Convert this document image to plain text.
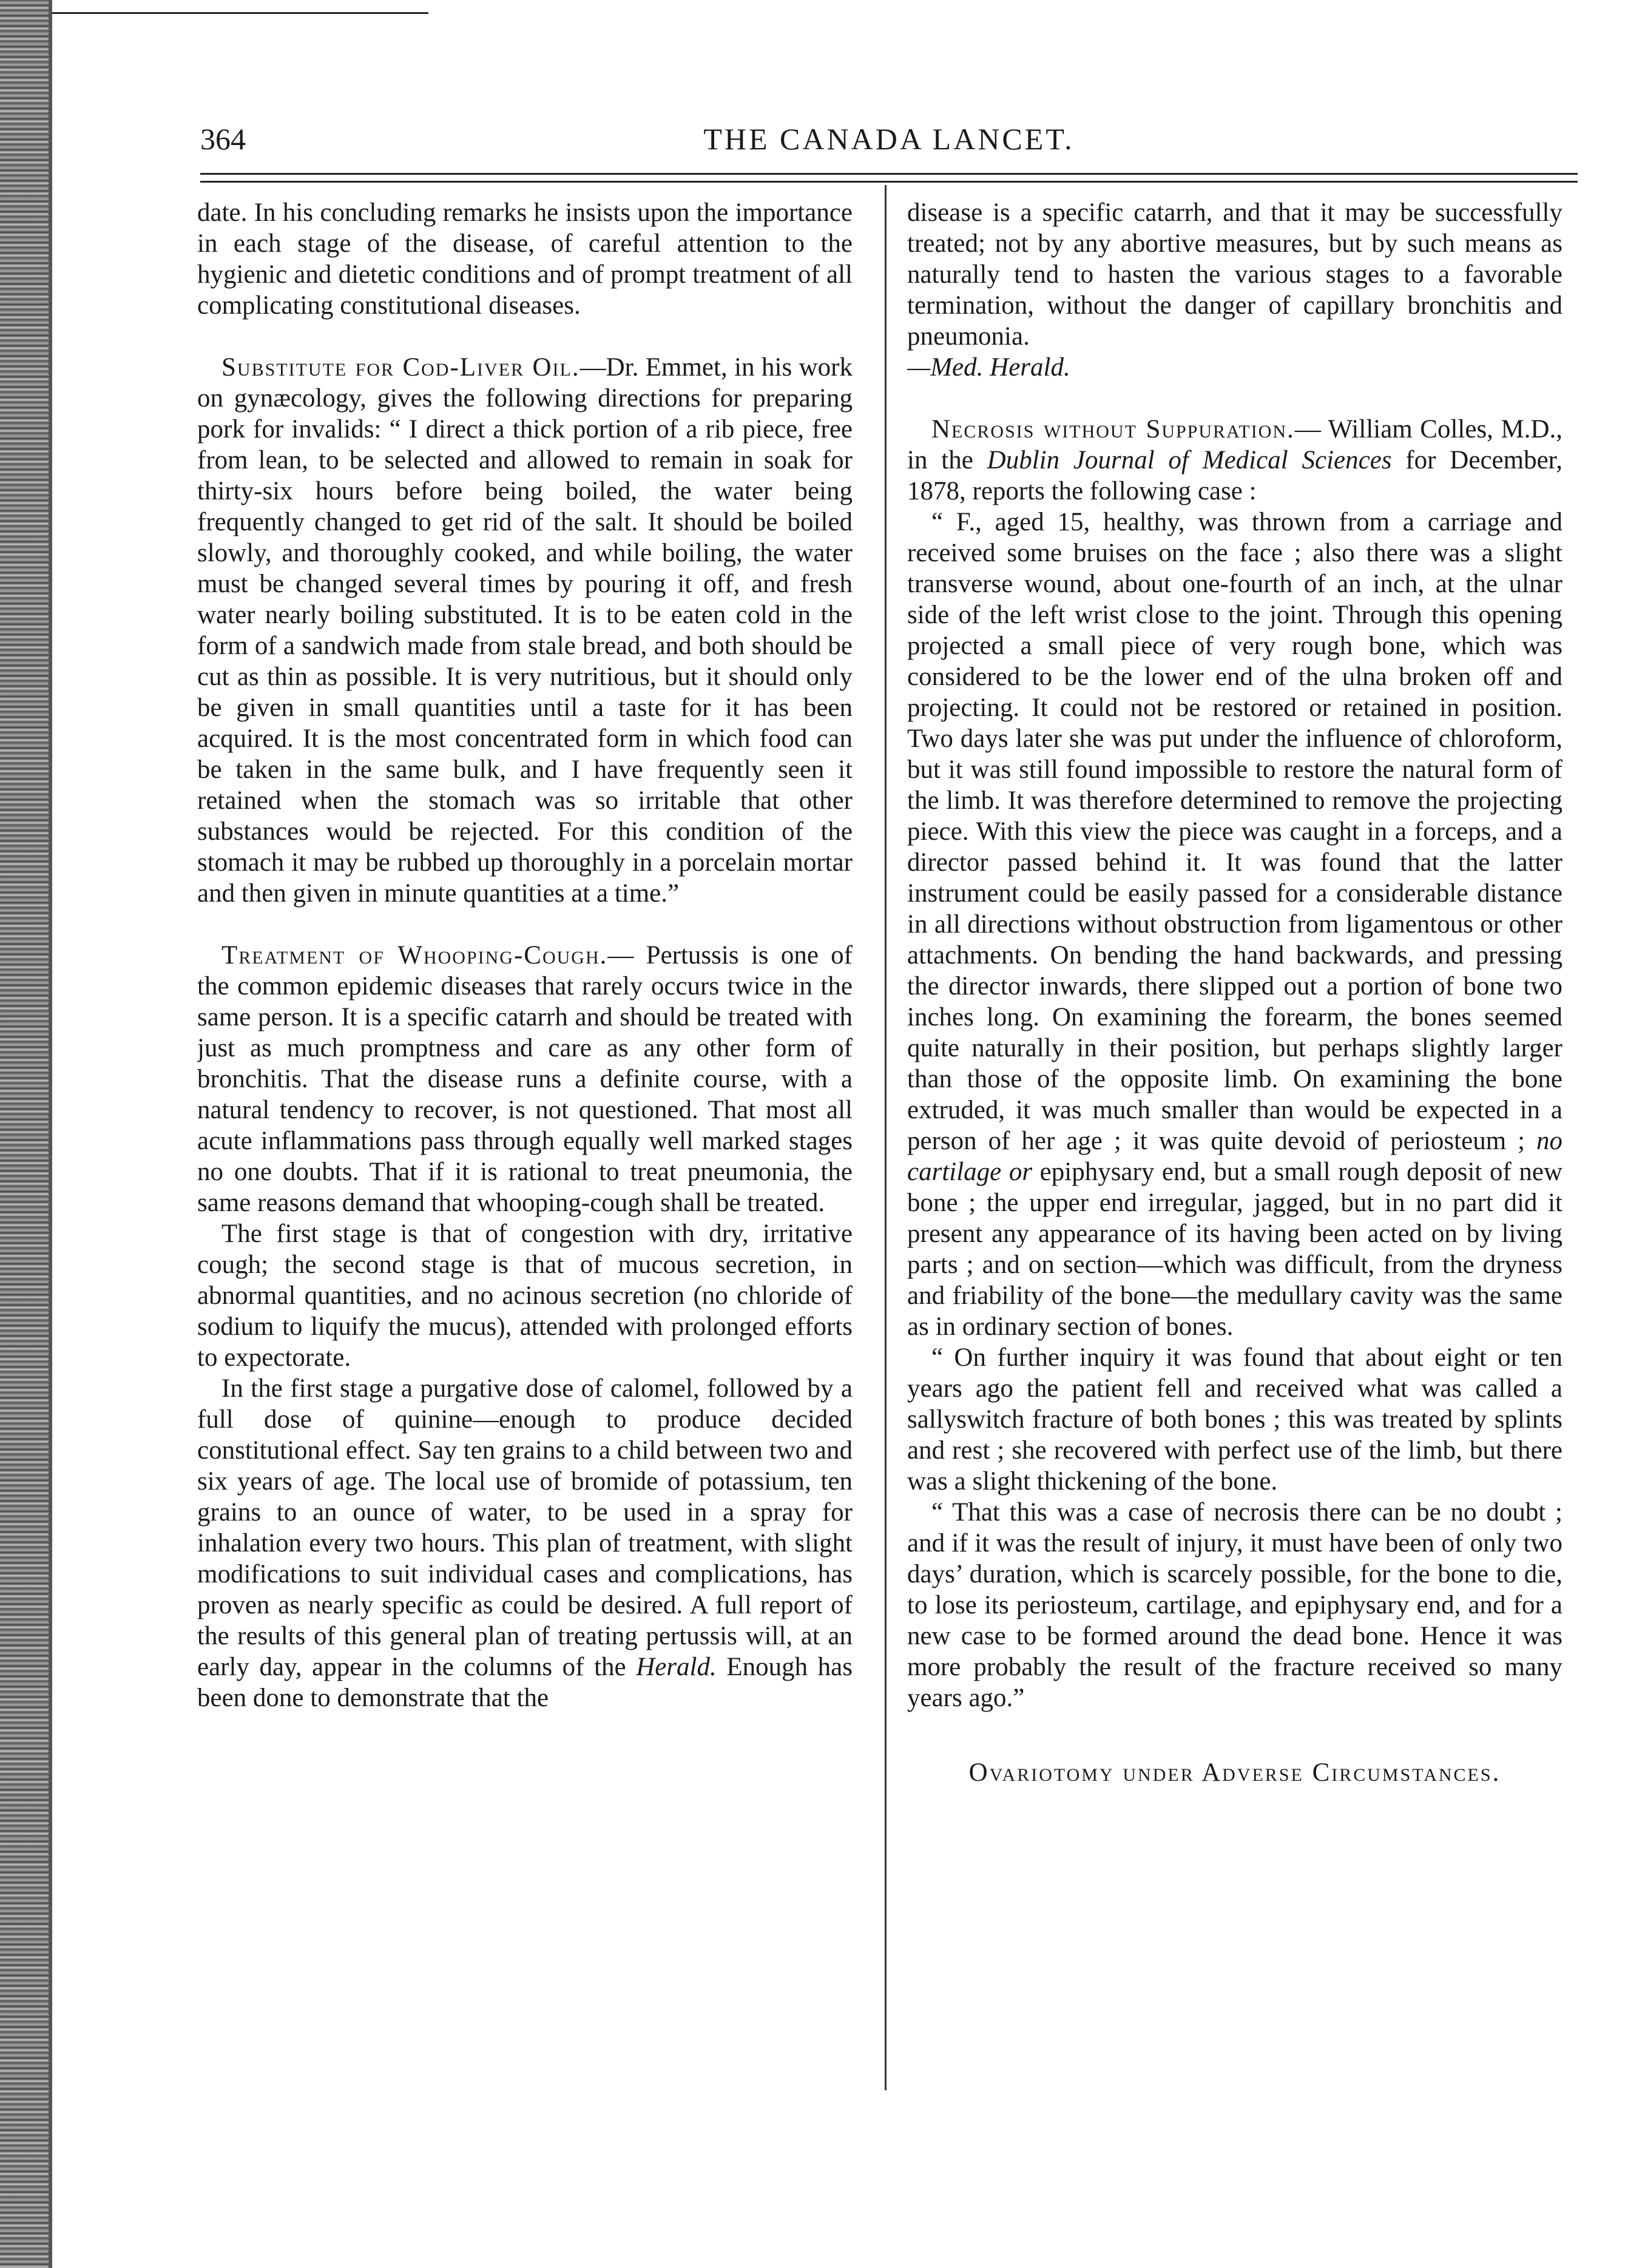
364	THE CANADA LANCET.

date. In his concluding remarks he insists upon the importance in each stage of the disease, of careful attention to the hygienic and dietetic conditions and of prompt treatment of all complicating constitutional diseases.

Substitute for Cod-Liver Oil.—Dr. Emmet, in his work on gynæcology, gives the following directions for preparing pork for invalids: “ I direct a thick portion of a rib piece, free from lean, to be selected and allowed to remain in soak for thirty-six hours before being boiled, the water being frequently changed to get rid of the salt. It should be boiled slowly, and thoroughly cooked, and while boiling, the water must be changed several times by pouring it off, and fresh water nearly boiling substituted. It is to be eaten cold in the form of a sandwich made from stale bread, and both should be cut as thin as possible. It is very nutritious, but it should only be given in small quantities until a taste for it has been acquired. It is the most concentrated form in which food can be taken in the same bulk, and I have frequently seen it retained when the stomach was so irritable that other substances would be rejected. For this condition of the stomach it may be rubbed up thoroughly in a porcelain mortar and then given in minute quantities at a time.”

Treatment of Whooping-Cough.— Pertussis is one of the common epidemic diseases that rarely occurs twice in the same person. It is a specific catarrh and should be treated with just as much promptness and care as any other form of bronchitis. That the disease runs a definite course, with a natural tendency to recover, is not questioned. That most all acute inflammations pass through equally well marked stages no one doubts. That if it is rational to treat pneumonia, the same reasons demand that whooping-cough shall be treated.

The first stage is that of congestion with dry, irritative cough; the second stage is that of mucous secretion, in abnormal quantities, and no acinous secretion (no chloride of sodium to liquify the mucus), attended with prolonged efforts to expectorate.

In the first stage a purgative dose of calomel, followed by a full dose of quinine—enough to produce decided constitutional effect. Say ten grains to a child between two and six years of age. The local use of bromide of potassium, ten grains to an ounce of water, to be used in a spray for inhalation every two hours. This plan of treatment, with slight modifications to suit individual cases and complications, has proven as nearly specific as could be desired. A full report of the results of this general plan of treating pertussis will, at an early day, appear in the columns of the Herald. Enough has been done to demonstrate that the

disease is a specific catarrh, and that it may be successfully treated; not by any abortive measures, but by such means as naturally tend to hasten the various stages to a favorable termination, without the danger of capillary bronchitis and pneumonia.
—Med. Herald.

Necrosis without Suppuration.— William Colles, M.D., in the Dublin Journal of Medical Sciences for December, 1878, reports the following case :

“ F., aged 15, healthy, was thrown from a carriage and received some bruises on the face ; also there was a slight transverse wound, about one-fourth of an inch, at the ulnar side of the left wrist close to the joint. Through this opening projected a small piece of very rough bone, which was considered to be the lower end of the ulna broken off and projecting. It could not be restored or retained in position. Two days later she was put under the influence of chloroform, but it was still found impossible to restore the natural form of the limb. It was therefore determined to remove the projecting piece. With this view the piece was caught in a forceps, and a director passed behind it. It was found that the latter instrument could be easily passed for a considerable distance in all directions without obstruction from ligamentous or other attachments. On bending the hand backwards, and pressing the director inwards, there slipped out a portion of bone two inches long. On examining the forearm, the bones seemed quite naturally in their position, but perhaps slightly larger than those of the opposite limb. On examining the bone extruded, it was much smaller than would be expected in a person of her age ; it was quite devoid of periosteum ; no cartilage or epiphysary end, but a small rough deposit of new bone ; the upper end irregular, jagged, but in no part did it present any appearance of its having been acted on by living parts ; and on section—which was difficult, from the dryness and friability of the bone—the medullary cavity was the same as in ordinary section of bones.

“ On further inquiry it was found that about eight or ten years ago the patient fell and received what was called a sallyswitch fracture of both bones ; this was treated by splints and rest ; she recovered with perfect use of the limb, but there was a slight thickening of the bone.

“ That this was a case of necrosis there can be no doubt ; and if it was the result of injury, it must have been of only two days’ duration, which is scarcely possible, for the bone to die, to lose its periosteum, cartilage, and epiphysary end, and for a new case to be formed around the dead bone. Hence it was more probably the result of the fracture received so many years ago.”

Ovariotomy under Adverse Circumstances.
